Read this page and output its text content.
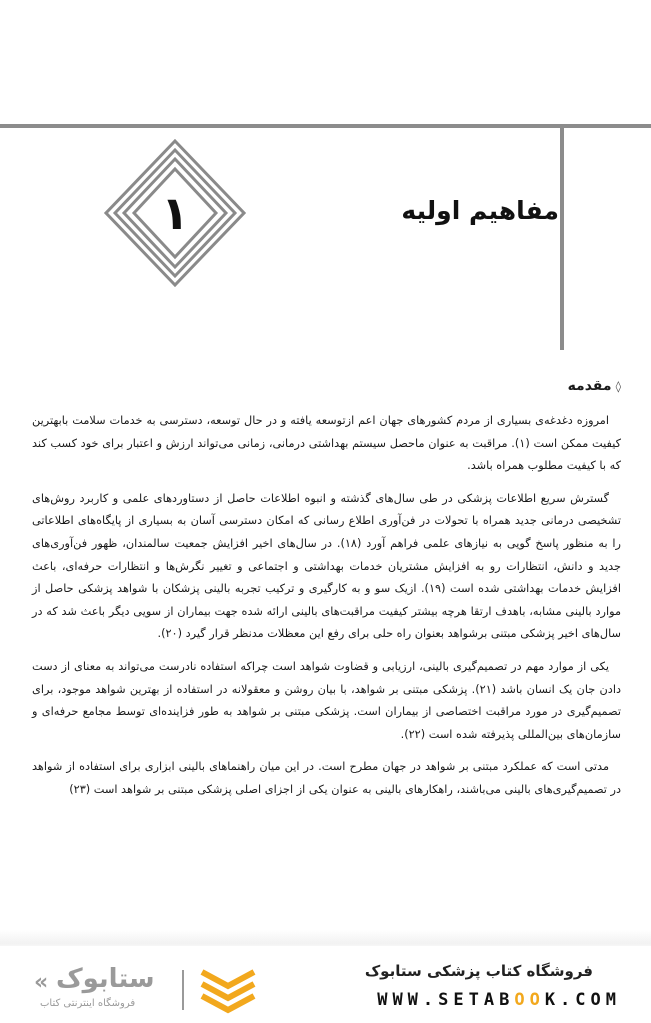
۱	مفاهیم اولیه
◊
مقدمه

امروزه دغدغه‌ی بسیاری از مردم کشورهای جهان اعم ازتوسعه یافته و در حال توسعه، دسترسی به خدمات سلامت بابهترین کیفیت ممکن است (۱). مراقبت به عنوان ماحصل سیستم بهداشتی درمانی، زمانی می‌تواند ارزش و اعتبار برای خود کسب کند که با کیفیت مطلوب همراه باشد.

گسترش سریع اطلاعات پزشکی در طی سال‌های گذشته و انبوه اطلاعات حاصل از دستاوردهای علمی و کاربرد روش‌های تشخیصی درمانی جدید همراه با تحولات در فن‌آوری اطلاع رسانی که امکان دسترسی آسان به بسیاری از پایگاه‌های اطلاعاتی را به منظور پاسخ گویی به نیازهای علمی فراهم آورد (۱۸). در سال‌های اخیر افزایش جمعیت سالمندان، ظهور فن‌آوری‌های جدید و دانش، انتظارات رو به افزایش مشتریان خدمات بهداشتی و اجتماعی و تغییر نگرش‌ها و انتظارات حرفه‌ای، باعث افزایش خدمات بهداشتی شده است (۱۹). ازیک سو و به کارگیری و ترکیب تجربه بالینی پزشکان با شواهد پزشکی حاصل از موارد بالینی مشابه، باهدف ارتقا هرچه بیشتر کیفیت مراقبت‌های بالینی ارائه شده جهت بیماران از سویی دیگر باعث شد که در سال‌های اخیر پزشکی مبتنی برشواهد بعنوان راه حلی برای رفع این معظلات مدنظر قرار گیرد (۲۰).

یکی از موارد مهم در تصمیم‌گیری بالینی، ارزیابی و قضاوت شواهد است چراکه استفاده نادرست می‌تواند به معنای از دست دادن جان یک انسان باشد (۲۱). پزشکی مبتنی بر شواهد، با بیان روشن و معقولانه در استفاده از بهترین شواهد موجود، برای تصمیم‌گیری در مورد مراقبت اختصاصی از بیماران است. پزشکی مبتنی بر شواهد به طور فزاینده‌ای توسط مجامع حرفه‌ای و سازمان‌های بین‌المللی پذیرفته شده است (۲۲).

مدتی است که عملکرد مبتنی بر شواهد در جهان مطرح است. در این میان راهنماهای بالینی ابزاری برای استفاده از شواهد در تصمیم‌گیری‌های بالینی می‌باشند، راهکارهای بالینی به عنوان یکی از اجزای اصلی پزشکی مبتنی بر شواهد است (۲۳)

« ستابوک
فروشگاه اینترنتی کتاب
فروشگاه کتاب پزشکی ستابوک
WWW.SETABOOK.COM
